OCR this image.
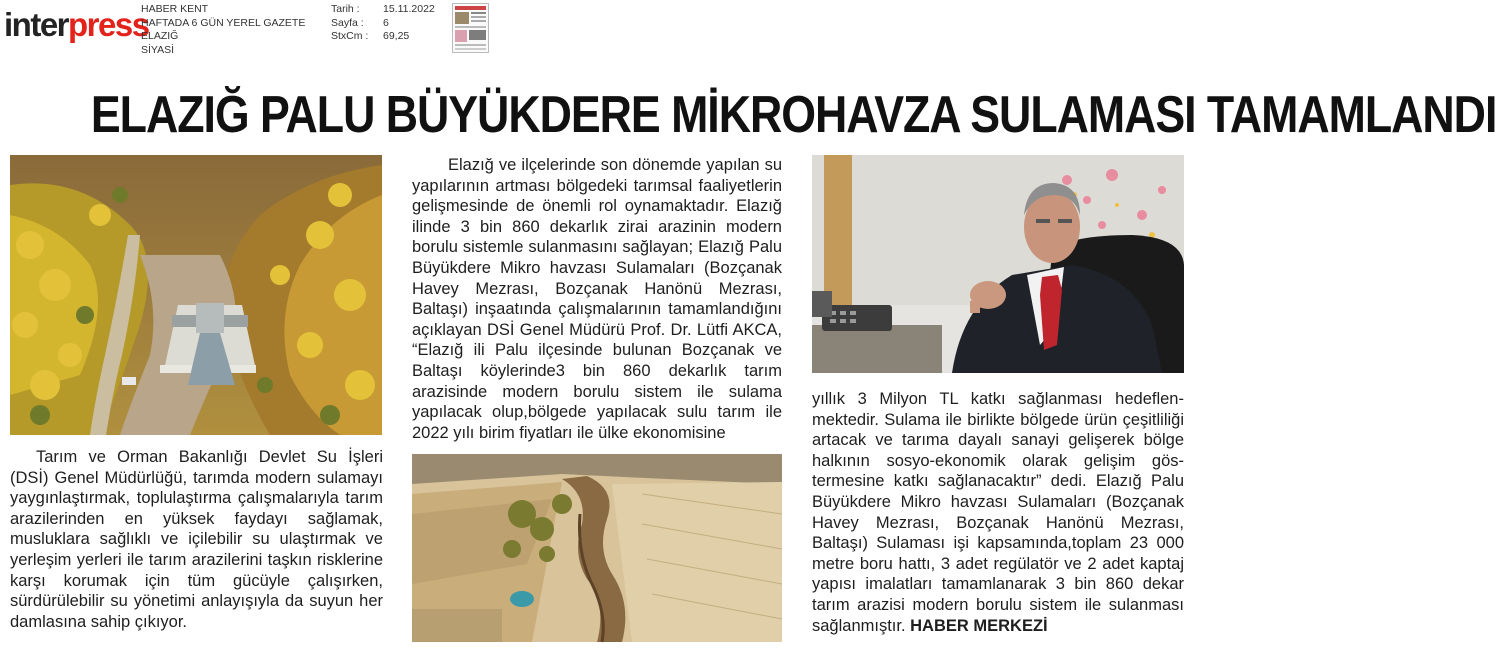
interpress
HABER KENT
HAFTADA 6 GÜN YEREL GAZETE
ELAZIĞ
SİYASİ
Tarih :	15.11.2022
Sayfa :	6
StxCm :	69,25
ELAZIĞ PALU BÜYÜKDERE MİKROHAVZA SULAMASI TAMAMLANDI

Tarım ve Orman Bakanlığı Devlet Su İşleri (DSİ) Genel Müdürlüğü, tarımda modern sulamayı yaygınlaştırmak, toplulaştırma çalışmalarıyla tarım arazilerinden en yüksek faydayı sağlamak, musluklara sağlıklı ve içilebilir su ulaştırmak ve yerleşim yerleri ile tarım arazilerini taşkın risklerine karşı korumak için tüm gücüyle çalışırken, sürdürülebilir su yönetimi anlayışıyla da suyun her damlasına sahip çıkıyor.

Elazığ ve ilçelerinde son dönemde yapılan su yapılarının artması bölgedeki tarımsal faaliyetlerin gelişmesinde de önemli rol oynamaktadır. Elazığ ilinde 3 bin 860 dekarlık zirai arazinin modern borulu sistemle sulanmasını sağlayan; Elazığ Palu Büyükdere Mikro havzası Sulamaları (Bozçanak Havey Mezrası, Bozçanak Hanönü Mezrası, Baltaşı) inşaatında çalışmalarının tamamlandığını açıklayan DSİ Genel Müdürü Prof. Dr. Lütfi AKCA, “Elazığ ili Palu ilçesinde bulunan Bozçanak ve Baltaşı köylerinde3 bin 860 dekarlık tarım arazisinde modern borulu sistem ile sulama yapılacak olup,bölgede yapılacak sulu tarım ile 2022 yılı birim fiyatları ile ülke ekonomisine

yıllık 3 Milyon TL katkı sağlanması hedeflenmektedir. Sulama ile birlikte bölgede ürün çeşitliliği artacak ve tarıma dayalı sanayi gelişerek bölge halkının sosyo-ekonomik olarak gelişim göstermesine katkı sağlanacaktır” dedi. Elazığ Palu Büyükdere Mikro havzası Sulamaları (Bozçanak Havey Mezrası, Bozçanak Hanönü Mezrası, Baltaşı) Sulaması işi kapsamında,toplam 23 000 metre boru hattı, 3 adet regülatör ve 2 adet kaptaj yapısı imalatları tamamlanarak 3 bin 860 dekar tarım arazisi modern borulu sistem ile sulanması sağlanmıştır. HABER MERKEZİ
